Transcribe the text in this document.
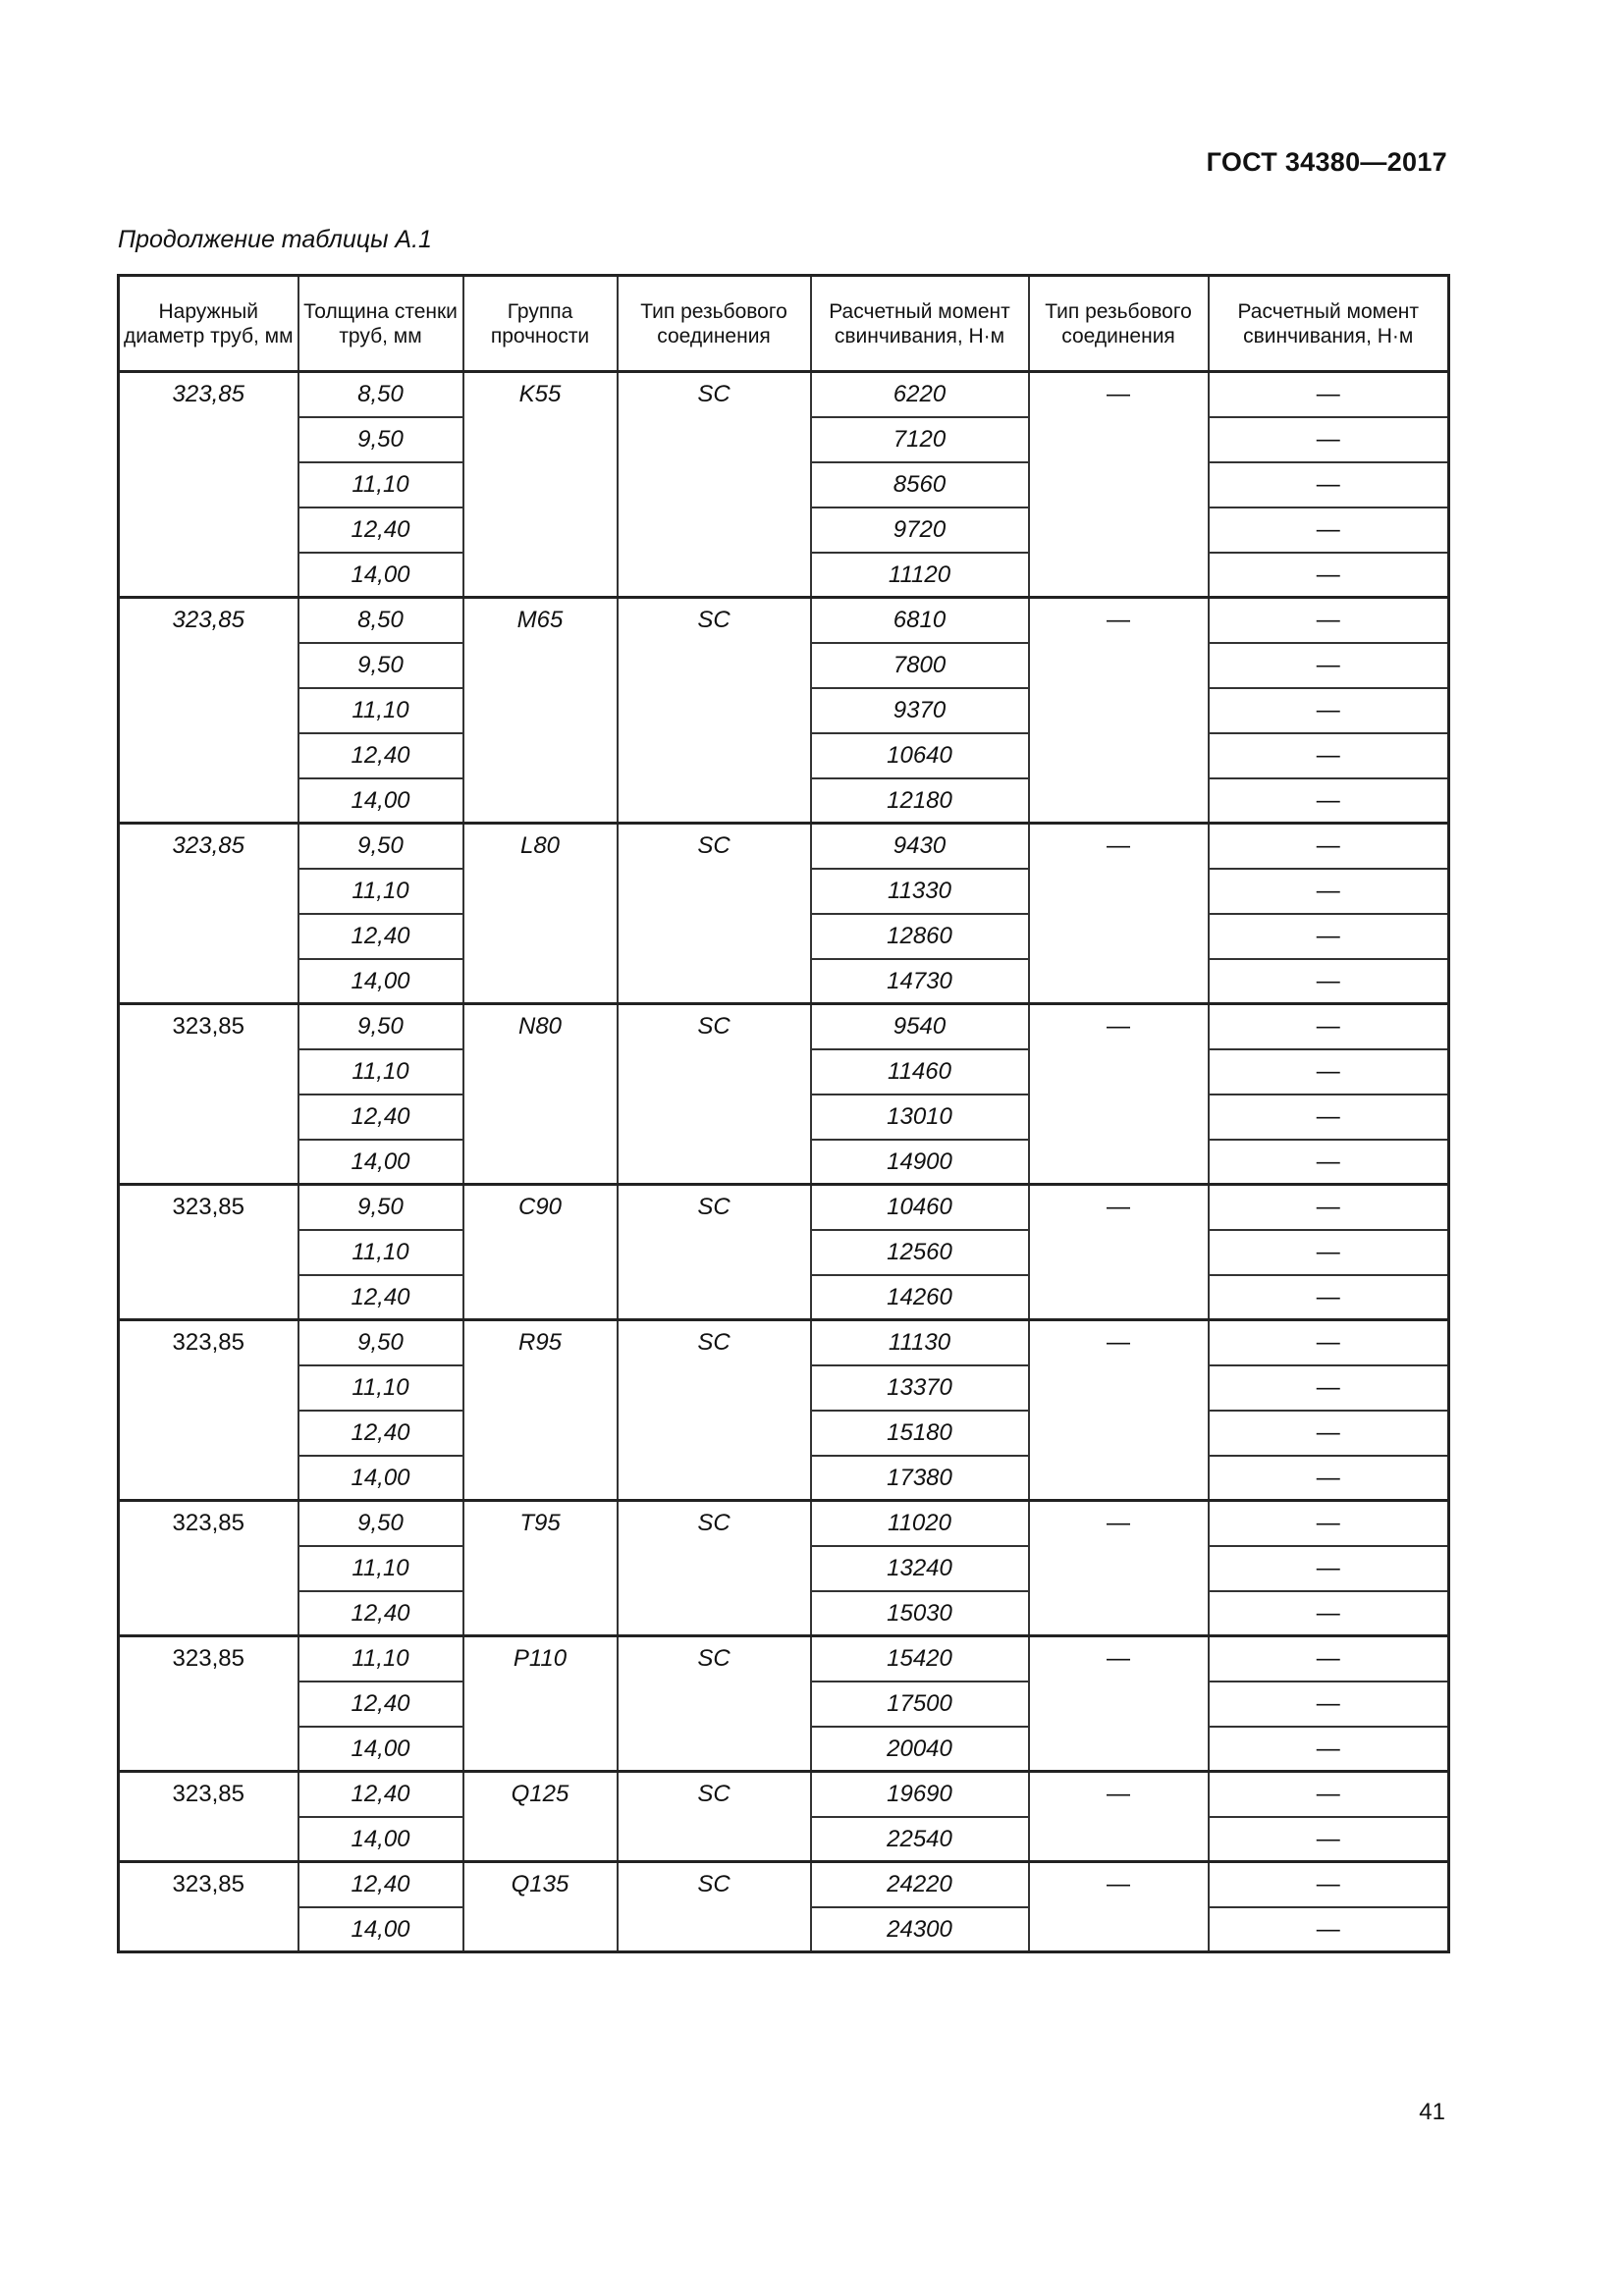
ГОСТ 34380—2017
Продолжение таблицы А.1
Наружный диаметр труб, мм	Толщина стенки труб, мм	Группа прочности	Тип резьбового соединения	Расчетный момент свинчивания, Н·м	Тип резьбового соединения	Расчетный момент свинчивания, Н·м
323,85	8,50	K55	SC	6220	—	—
	9,50			7120		—
	11,10			8560		—
	12,40			9720		—
	14,00			11120		—
323,85	8,50	M65	SC	6810	—	—
	9,50			7800		—
	11,10			9370		—
	12,40			10640		—
	14,00			12180		—
323,85	9,50	L80	SC	9430	—	—
	11,10			11330		—
	12,40			12860		—
	14,00			14730		—
323,85	9,50	N80	SC	9540	—	—
	11,10			11460		—
	12,40			13010		—
	14,00			14900		—
323,85	9,50	C90	SC	10460	—	—
	11,10			12560		—
	12,40			14260		—
323,85	9,50	R95	SC	11130	—	—
	11,10			13370		—
	12,40			15180		—
	14,00			17380		—
323,85	9,50	T95	SC	11020	—	—
	11,10			13240		—
	12,40			15030		—
323,85	11,10	P110	SC	15420	—	—
	12,40			17500		—
	14,00			20040		—
323,85	12,40	Q125	SC	19690	—	—
	14,00			22540		—
323,85	12,40	Q135	SC	24220	—	—
	14,00			24300		—
41
